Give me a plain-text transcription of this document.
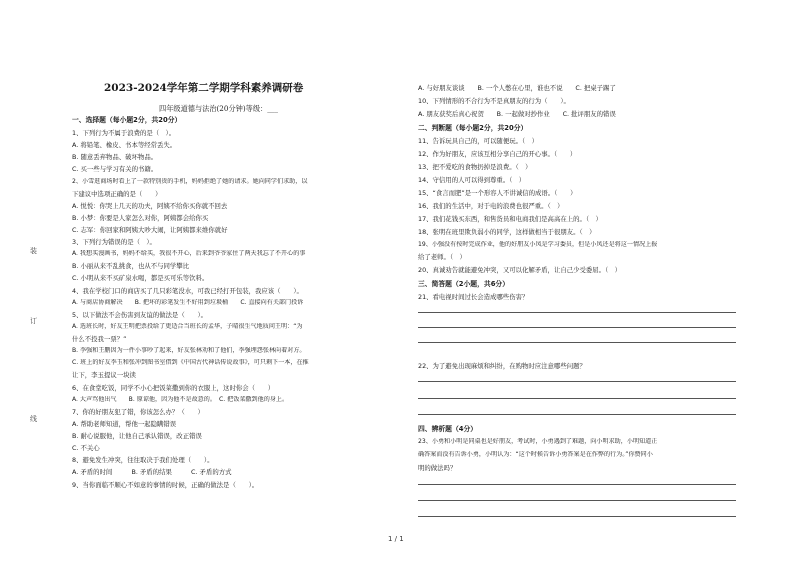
2023-2024学年第二学期学科素养调研卷
四年级道德与法治(20分钟)等级：___
装
订
线
一、选择题（每小题2分，共20分）
1、下列行为不属于浪费的是（　）。
A. 将铅笔、橡皮、书本等经常丢失。
B. 随意丢弃物品、破坏物品。
C. 买一些与学习有关的书籍。
2、小雪逛商场时看上了一款特别贵的手机，妈妈拒绝了她的请求。她向同学们求助，以
下建议中选项正确的是（　　）
A. 悦悦：你哭上几天的功夫，阿姨不给你买你就不回去
B. 小梦：你要是人家怎么对你，阿姨都会给你买
C. 志军：你回家和阿姨大吵大闹，让阿姨都来维你就好
3、下列行为错误的是（　）。
A. 我想买漫画书，妈妈不给买，我很不开心，后来到爷爷家住了两天我忘了不开心的事
B. 小丽从来不乱挑食，也从不与同学攀比
C. 小明从来不买矿泉水喝，都是买可乐等饮料。
4、我在学校门口的商店买了几只彩笔没水，可我已经打开包装，我应该（　　）。
A. 与商店协商解决　　B. 把坏的彩笔发生不好用到垃圾桶　　C. 直接向有关部门投诉
5、以下做法不会伤害到友谊的做法是（　　）。
A. 选班长时，好友王明把票投给了更适合当班长的孟华，子晴很生气地质问王明：“为
什么不投我一票？”
B. 李强和王鹏因为一件小事吵了起来，好友张林劝和了他们，李强埋怨张林向着对方。
C. 班上的好友李玉和张冲到图书室借到《中国古代神话传说故事》，可只剩下一本，在推
让下，李玉提议一块读
6、在食堂吃饭，同学不小心把饭菜撒到你的衣服上，这时你会（　　）
A. 大声骂他出气　　B. 原谅他，因为他不是故意的。　C. 把饭菜撒到他的身上。
7、你的好朋友犯了错，你该怎么办？（　　）
A. 帮助老师知道，帮他一起隐瞒错误
B. 耐心说服他，让他自己承认错误，改正错误
C. 不关心
8、避免发生冲突，往往取决于我们处理（　　）。
A. 矛盾的时间　　　B. 矛盾的结果　　　C. 矛盾的方式
9、当你面临不顺心不如意的事情的时候，正确的做法是（　　）。
A. 与好朋友谈谈　　B. 一个人憋在心里，谁也不说　　C. 把桌子踢了
10、下列情形的不合行为不是真朋友的行为（　　）。
A. 朋友获奖后真心祝贺　　B. 一起做对抄作业　　C. 批评朋友的错误
二、判断题（每小题2分，共20分）
11、告诉玩具自己的，可以随便玩。（　）
12、作为好朋友，应该互相分享自己的开心事。（　　）
13、把不爱吃的食物扔掉是浪费。（　）
14、守信用的人可以得到尊重。（　）
15、“食言而肥”是一个形容人不讲诚信的成语。（　　）
16、我们的生活中，对于电的浪费也很严重。（　）
17、我们花钱买东西，和售货员和电商我们是高高在上的。（　）
18、张明在班里欺负弱小的同学，这样做相当于很朋友。（　）
19、小强没有按时完成作业，他的好朋友小凤是学习委员，但是小凤还是将这一情况上报
给了老师。（　）
20、真诚劝告就能避免冲突，又可以化解矛盾，让自己少受委屈。（　）
三、简答题（2小题，共6分）
21、看电视时间过长会造成哪些伤害？
22、为了避免出现麻烦和纠纷，在购物时应注意哪些问题？
四、辨析题（4分）
23、小勇和小明是同桌也是好朋友，考试时，小勇遇到了难题，向小明求助，小明知道正
确答案而没有告诉小勇，小明认为：“这个时候告诉小勇答案是在作弊的行为。”你赞同小
明的做法吗？
1 / 1
